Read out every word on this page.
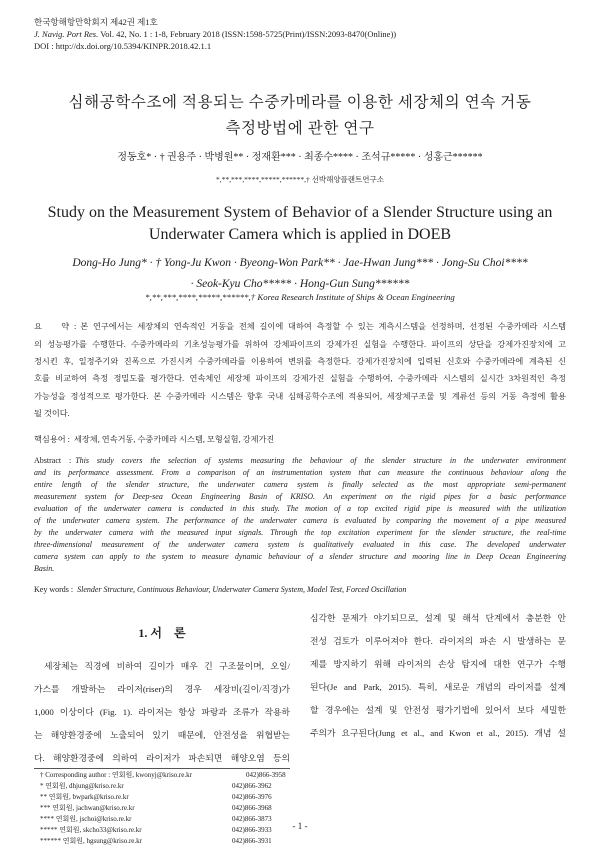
한국항해항만학회지 제42권 제1호
J. Navig. Port Res. Vol. 42, No. 1 : 1-8, February 2018 (ISSN:1598-5725(Print)/ISSN:2093-8470(Online))
DOI : http://dx.doi.org/10.5394/KINPR.2018.42.1.1
심해공학수조에 적용되는 수중카메라를 이용한 세장체의 연속 거동
측정방법에 관한 연구
정동호* · † 권용주 · 박병원** · 정재환*** · 최종수**** · 조석규***** · 성홍근******
*,**,***,****,*****,******,† 선박해양플랜트연구소
Study on the Measurement System of Behavior of a Slender Structure using an
Underwater Camera which is applied in DOEB
Dong-Ho Jung* · † Yong-Ju Kwon · Byeong-Won Park** · Jae-Hwan Jung*** · Jong-Su Choi****
· Seok-Kyu Cho***** · Hong-Gun Sung******
*,**,***,****,*****,******,† Korea Research Institute of Ships & Ocean Engineering
요    약 : 본 연구에서는 세장체의 연속적인 거동을 전체 길이에 대하여 측정할 수 있는 계측시스템을 선정하며, 선정된 수중카메라 시스템
의 성능평가를 수행한다. 수중카메라의 기초성능평가를 위하여 강체파이프의 강제가진 실험을 수행한다. 파이프의 상단을 강제가진장치에 고
정시킨 후, 일정주기와 진폭으로 가진시켜 수중카메라를 이용하여 변위를 측정한다. 강제가진장치에 입력된 신호와 수중카메라에 계측된 신
호를 비교하여 측정 정밀도를 평가한다. 연속체인 세장체 파이프의 강제가진 실험을 수행하여, 수중카메라 시스템의 실시간 3차원적인 측정
가능성을 정성적으로 평가한다. 본 수중카메라 시스템은 향후 국내 심해공학수조에 적용되어, 세장체구조물 및 계류선 등의 거동 측정에 활용
될 것이다.
핵심용어 : 세장체, 연속거동, 수중카메라 시스템, 모형실험, 강제가진
Abstract : This study covers the selection of systems measuring the behaviour of the slender structure in the underwater environment
and its performance assessment. From a comparison of an instrumentation system that can measure the continuous behaviour along the
entire length of the slender structure, the underwater camera system is finally selected as the most appropriate semi-permanent
measurement system for Deep-sea Ocean Engineering Basin of KRISO. An experiment on the rigid pipes for a basic performance
evaluation of the underwater camera is conducted in this study. The motion of a top excited rigid pipe is measured with the utilization
of the underwater camera system. The performance of the underwater camera is evaluated by comparing the movement of a pipe measured
by the underwater camera with the measured input signals. Through the top excitation experiment for the slender structure, the real-time
three-dimensional measurement of the underwater camera system is qualitatively evaluated in this case. The developed underwater
camera system can apply to the system to measure dynamic behaviour of a slender structure and mooring line in Deep Ocean Engineering
Basin.
Key words : Slender Structure, Continuous Behaviour, Underwater Camera System, Model Test, Forced Oscillation
1. 서    론
세장체는 직경에 비하여 길이가 매우 긴 구조물이며, 오일/
가스를 개발하는 라이저(riser)의 경우 세장비(길이/직경)가
1,000 이상이다 (Fig. 1). 라이저는 항상 파랑과 조류가 작용하
는 해양환경중에 노출되어 있기 때문에, 안전성을 위협받는
다. 해양환경중에 의하여 라이저가 파손되면 해양오염 등의
심각한 문제가 야기되므로, 설계 및 해석 단계에서 충분한 안
전성 검토가 이루어져야 한다. 라이저의 파손 시 발생하는 문
제를 방지하기 위해 라이저의 손상 탐지에 대한 연구가 수행
된다(Je and Park, 2015). 특히, 새로운 개념의 라이저를 설계
할 경우에는 설계 및 안전성 평가기법에 있어서 보다 세밀한
주의가 요구된다(Jung et al., and Kwon et al., 2015). 개념 설
† Corresponding author : 연회원, kwonyj@kriso.re.kr	042)866-3958
* 연회원, dhjung@kriso.re.kr	042)866-3962
** 연회원, bwpark@kriso.re.kr	042)866-3976
*** 연회원, jachwan@kriso.re.kr	042)866-3968
**** 연회원, jschoi@kriso.re.kr	042)866-3873
***** 연회원, skcho33@kriso.re.kr	042)866-3933
****** 연회원, hgsung@kriso.re.kr	042)866-3931
- 1 -
